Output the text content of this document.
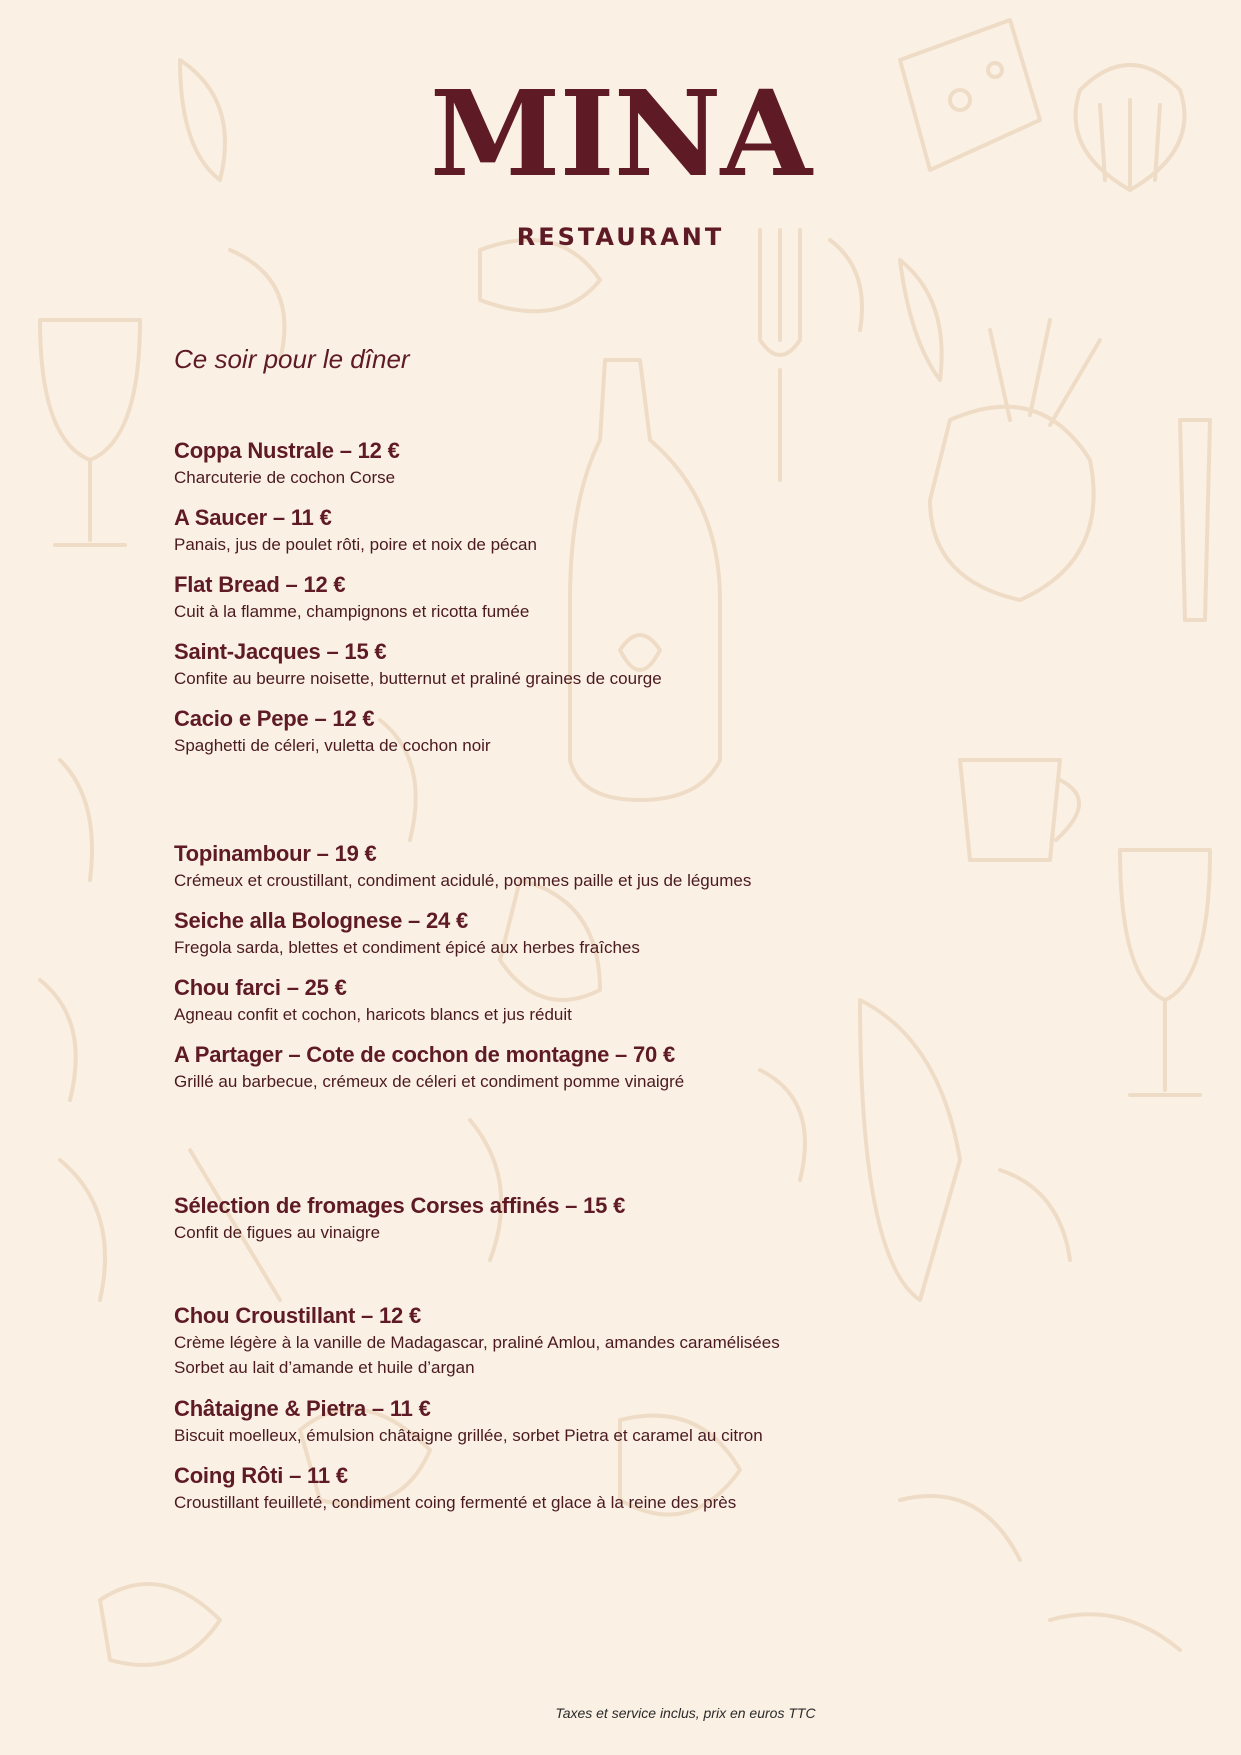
MINA
RESTAURANT
Ce soir pour le dîner
Coppa Nustrale – 12 €
Charcuterie de cochon Corse
A Saucer – 11 €
Panais, jus de poulet rôti, poire et noix de pécan
Flat Bread – 12 €
Cuit à la flamme, champignons et ricotta fumée
Saint-Jacques – 15 €
Confite au beurre noisette, butternut et praliné graines de courge
Cacio e Pepe – 12 €
Spaghetti de céleri, vuletta de cochon noir
Topinambour – 19 €
Crémeux et croustillant, condiment acidulé, pommes paille et jus de légumes
Seiche alla Bolognese – 24 €
Fregola sarda, blettes et condiment épicé aux herbes fraîches
Chou farci – 25 €
Agneau confit et cochon, haricots blancs et jus réduit
A Partager – Cote de cochon de montagne – 70 €
Grillé au barbecue, crémeux de céleri et condiment pomme vinaigré
Sélection de fromages Corses affinés – 15 €
Confit de figues au vinaigre
Chou Croustillant – 12 €
Crème légère à la vanille de Madagascar, praliné Amlou, amandes caramélisées
Sorbet au lait d’amande et huile d’argan
Châtaigne & Pietra – 11 €
Biscuit moelleux, émulsion châtaigne grillée, sorbet Pietra et caramel au citron
Coing Rôti – 11 €
Croustillant feuilleté, condiment coing fermenté et glace à la reine des près
Taxes et service inclus, prix en euros TTC
